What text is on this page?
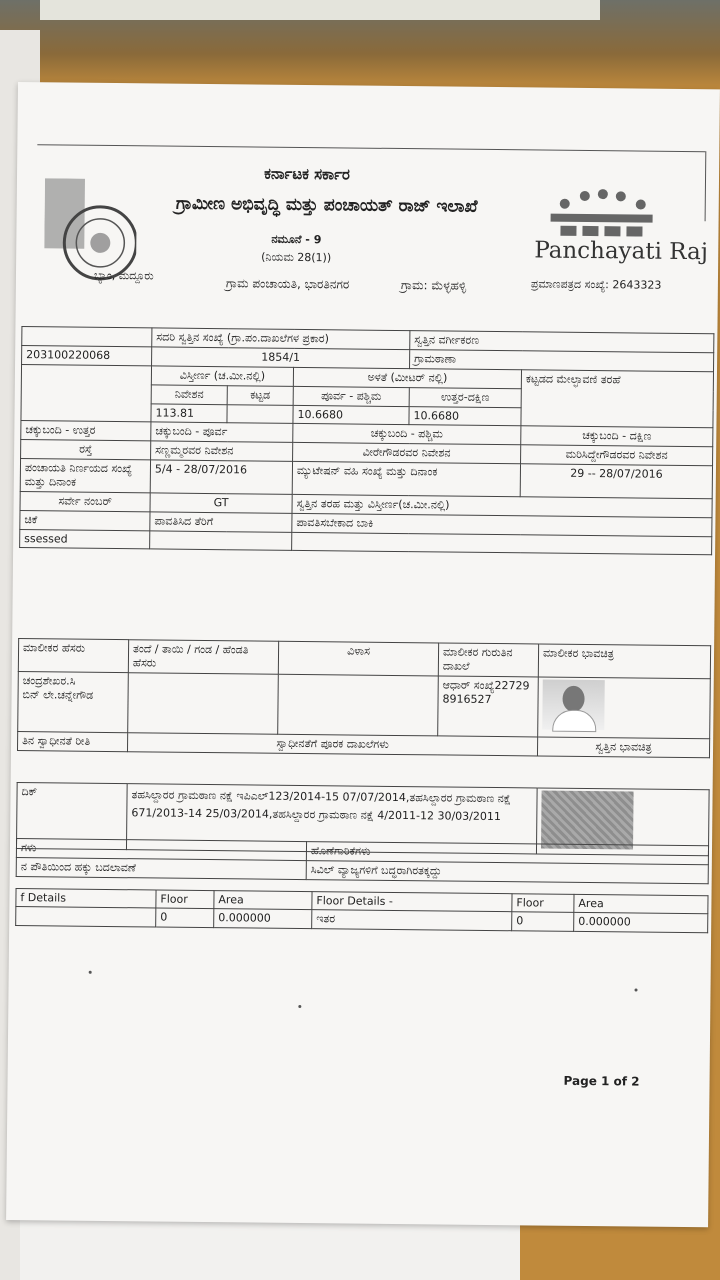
ಬ್ಯಾಂ, ಮದ್ದೂರು
ಕರ್ನಾಟಕ ಸರ್ಕಾರ
ಗ್ರಾಮೀಣ ಅಭಿವೃದ್ಧಿ ಮತ್ತು ಪಂಚಾಯತ್ ರಾಜ್ ಇಲಾಖೆ
ನಮೂನೆ - 9
(ನಿಯಮ 28(1))
ಗ್ರಾಮ ಪಂಚಾಯತಿ, ಭಾರತಿನಗರ	ಗ್ರಾಮ: ಮೆಳ್ಳಹಳ್ಳಿ
Panchayati Raj
ಪ್ರಮಾಣಪತ್ರದ ಸಂಖ್ಯೆ: 2643323
	ಸದರಿ ಸ್ವತ್ತಿನ ಸಂಖ್ಯೆ (ಗ್ರಾ.ಪಂ.ದಾಖಲೆಗಳ ಪ್ರಕಾರ)			ಸ್ವತ್ತಿನ ವರ್ಗೀಕರಣ	
203100220068	1854/1			ಗ್ರಾಮಠಾಣಾ	
	ವಿಸ್ತೀರ್ಣ (ಚ.ಮೀ.ನಲ್ಲಿ)		ಅಳತೆ (ಮೀಟರ್ ನಲ್ಲಿ)		ಕಟ್ಟಡದ ಮೇಲ್ಛಾವಣಿ ತರಹೆ
	ನಿವೇಶನ	ಕಟ್ಟಡ	ಪೂರ್ವ - ಪಶ್ಚಿಮ	ಉತ್ತರ-ದಕ್ಷಿಣ	
	113.81		10.6680	10.6680	
ಚಕ್ಕುಬಂದಿ - ಉತ್ತರ	ಚಕ್ಕುಬಂದಿ - ಪೂರ್ವ		ಚಕ್ಕುಬಂದಿ - ಪಶ್ಚಿಮ		ಚಕ್ಕುಬಂದಿ - ದಕ್ಷಿಣ
ರಸ್ತೆ	ಸಣ್ಣಮ್ಮರವರ ನಿವೇಶನ		ವೀರೇಗೌಡರವರ ನಿವೇಶನ		ಮರಿಸಿದ್ದೇಗೌಡರವರ ನಿವೇಶನ
ಪಂಚಾಯತಿ ನಿರ್ಣಯದ ಸಂಖ್ಯೆ ಮತ್ತು ದಿನಾಂಕ	5/4 - 28/07/2016		ಮ್ಯುಟೇಷನ್ ವಹಿ ಸಂಖ್ಯೆ ಮತ್ತು ದಿನಾಂಕ		29 -- 28/07/2016
ಸರ್ವೇ ನಂಬರ್	GT		ಸ್ವತ್ತಿನ ತರಹ ಮತ್ತು ವಿಸ್ತೀರ್ಣ(ಚ.ಮೀ.ನಲ್ಲಿ)		
ಚಿಕೆ	ಪಾವತಿಸಿದ ತೆರಿಗೆ		ಪಾವತಿಸಬೇಕಾದ ಬಾಕಿ		
ssessed					
ಮಾಲೀಕರ ಹೆಸರು	ತಂದೆ / ತಾಯಿ / ಗಂಡ / ಹೆಂಡತಿ ಹೆಸರು	ವಿಳಾಸ	ಮಾಲೀಕರ ಗುರುತಿನ ದಾಖಲೆ	ಮಾಲೀಕರ ಭಾವಚಿತ್ರ

ಚಂದ್ರಶೇಖರ.ಸಿ
ಬಿನ್ ಲೇ.ಚನ್ನೇಗೌಡ			ಆಧಾರ್ ಸಂಖ್ಯೆ227298916527	

ತಿನ ಸ್ವಾಧೀನತೆ ರೀತಿ	ಸ್ವಾಧೀನತೆಗೆ ಪೂರಕ ದಾಖಲೆಗಳು			ಸ್ವತ್ತಿನ ಭಾವಚಿತ್ರ
ದಿಕ್	ತಹಸಿಲ್ದಾರರ ಗ್ರಾಮಠಾಣ ನಕ್ಷೆ ಇಪಿಎಲ್123/2014-15 07/07/2014,ತಹಸಿಲ್ದಾರರ ಗ್ರಾಮಠಾಣ ನಕ್ಷೆ 671/2013-14 25/03/2014,ತಹಸಿಲ್ದಾರರ ಗ್ರಾಮಠಾಣ ನಕ್ಷೆ 4/2011-12 30/03/2011	
ಗಳು	ಹೊಣೆಗಾರಿಕೆಗಳು
ನ ಪೌತಿಯಿಂದ ಹಕ್ಕು ಬದಲಾವಣೆ	ಸಿವಿಲ್ ವ್ಯಾಜ್ಯಗಳಿಗೆ ಬದ್ಧರಾಗಿರತಕ್ಕದ್ದು
f Details	Floor	Area	Floor Details -	Floor	Area
	0	0.000000	ಇತರ	0	0.000000
Page 1 of 2
